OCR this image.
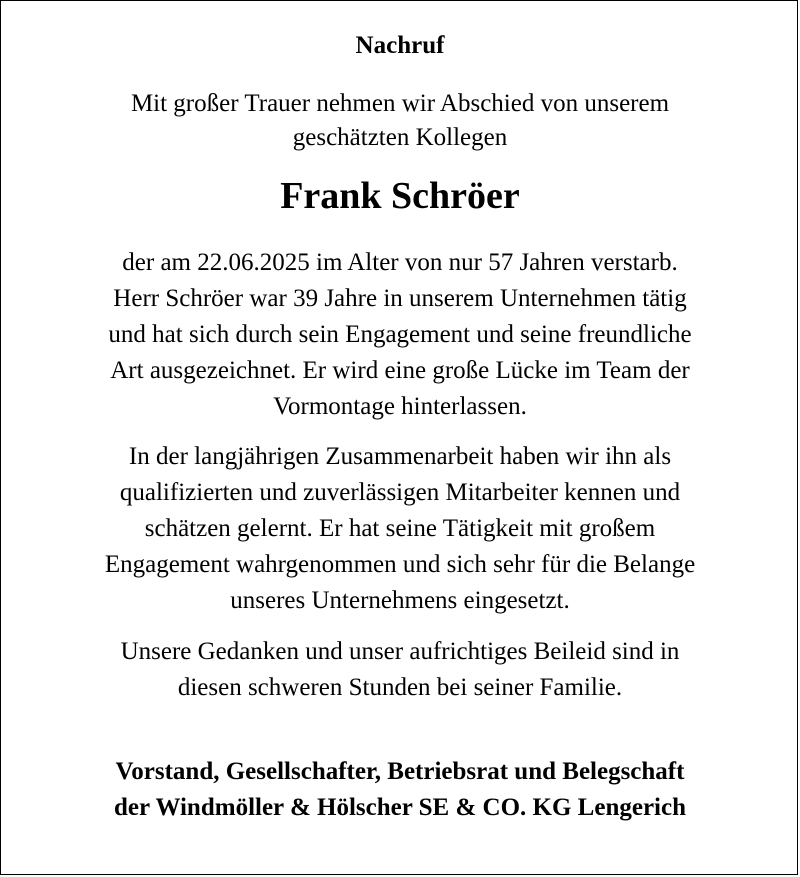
Nachruf
Mit großer Trauer nehmen wir Abschied von unserem
geschätzten Kollegen
Frank Schröer
der am 22.06.2025 im Alter von nur 57 Jahren verstarb.
Herr Schröer war 39 Jahre in unserem Unternehmen tätig
und hat sich durch sein Engagement und seine freundliche
Art ausgezeichnet. Er wird eine große Lücke im Team der
Vormontage hinterlassen.
In der langjährigen Zusammenarbeit haben wir ihn als
qualifizierten und zuverlässigen Mitarbeiter kennen und
schätzen gelernt. Er hat seine Tätigkeit mit großem
Engagement wahrgenommen und sich sehr für die Belange
unseres Unternehmens eingesetzt.
Unsere Gedanken und unser aufrichtiges Beileid sind in
diesen schweren Stunden bei seiner Familie.
Vorstand, Gesellschafter, Betriebsrat und Belegschaft
der Windmöller & Hölscher SE & CO. KG Lengerich
